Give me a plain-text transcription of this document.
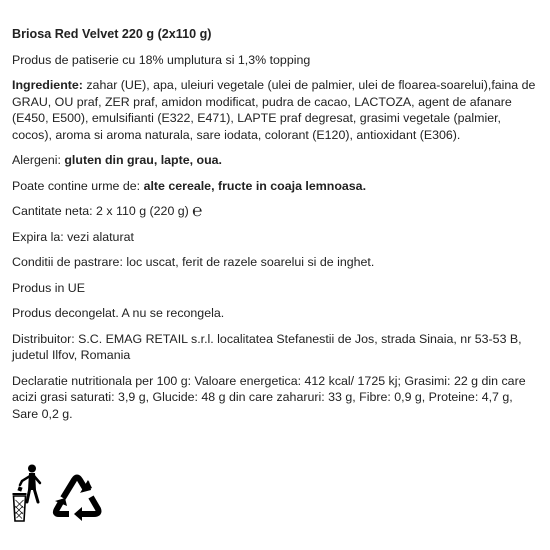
Briosa Red Velvet 220 g (2x110 g)
Produs de patiserie cu 18% umplutura si 1,3% topping
Ingrediente: zahar (UE), apa, uleiuri vegetale (ulei de palmier, ulei de floarea-soarelui),faina de GRAU, OU praf, ZER praf, amidon modificat, pudra de cacao, LACTOZA, agent de afanare (E450, E500), emulsifianti (E322, E471), LAPTE praf degresat, grasimi vegetale (palmier, cocos), aroma si aroma naturala, sare iodata, colorant (E120), antioxidant (E306).
Alergeni: gluten din grau, lapte, oua.
Poate contine urme de: alte cereale, fructe in coaja lemnoasa.
Cantitate neta: 2 x 110 g (220 g) ℮
Expira la: vezi alaturat
Conditii de pastrare: loc uscat, ferit de razele soarelui si de inghet.
Produs in UE
Produs decongelat. A nu se recongela.
Distribuitor: S.C. EMAG RETAIL s.r.l. localitatea Stefanestii de Jos, strada Sinaia, nr 53-53 B, judetul Ilfov, Romania
Declaratie nutritionala per 100 g: Valoare energetica: 412 kcal/ 1725 kj; Grasimi: 22 g din care acizi grasi saturati: 3,9 g, Glucide: 48 g din care zaharuri: 33 g, Fibre: 0,9 g, Proteine: 4,7 g, Sare 0,2 g.
